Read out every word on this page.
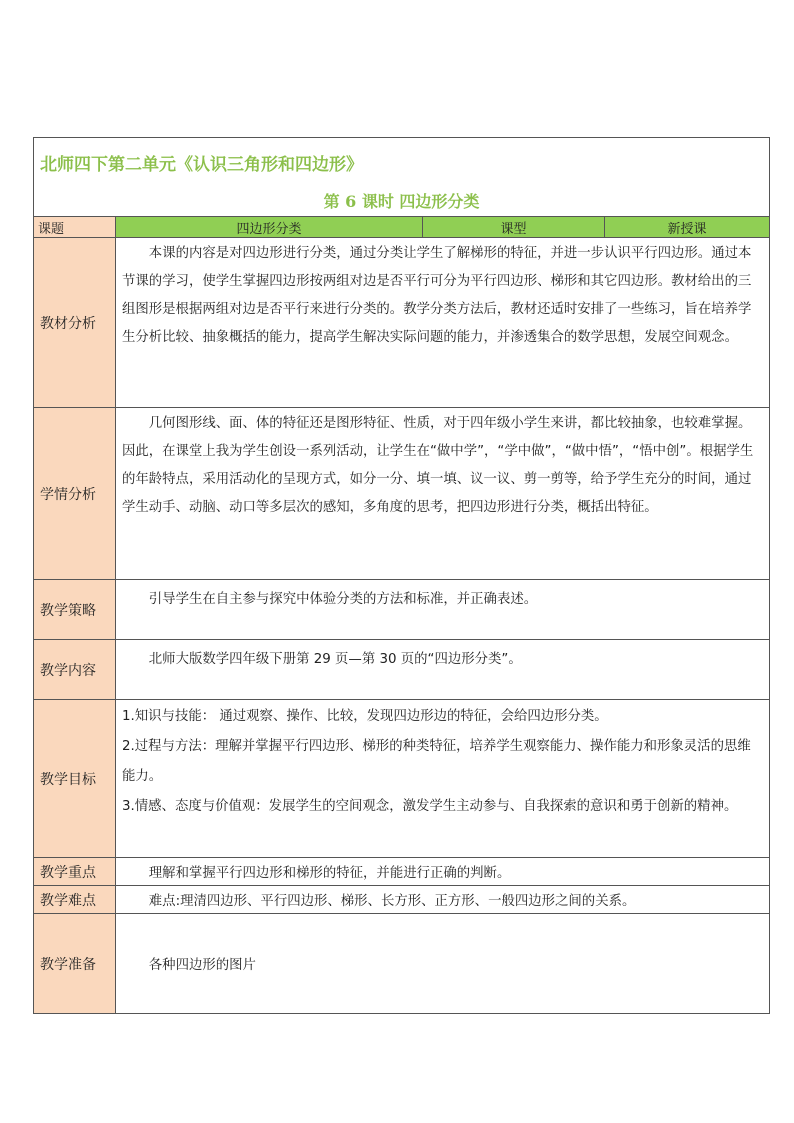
北师四下第二单元《认识三角形和四边形》
第 6 课时 四边形分类			

课题	四边形分类	课型	新授课
教材分析	本课的内容是对四边形进行分类，通过分类让学生了解梯形的特征，并进一步认识平行四边形。通过本节课的学习，使学生掌握四边形按两组对边是否平行可分为平行四边形、梯形和其它四边形。教材给出的三组图形是根据两组对边是否平行来进行分类的。教学分类方法后，教材还适时安排了一些练习，旨在培养学生分析比较、抽象概括的能力，提高学生解决实际问题的能力，并渗透集合的数学思想，发展空间观念。		

学情分析	几何图形线、面、体的特征还是图形特征、性质，对于四年级小学生来讲，都比较抽象，也较难掌握。因此，在课堂上我为学生创设一系列活动，让学生在“做中学”，“学中做”，“做中悟”，“悟中创”。根据学生的年龄特点，采用活动化的呈现方式，如分一分、填一填、议一议、剪一剪等，给予学生充分的时间，通过学生动手、动脑、动口等多层次的感知，多角度的思考，把四边形进行分类，概括出特征。		

教学策略	引导学生在自主参与探究中体验分类的方法和标准，并正确表述。		

教学内容	北师大版数学四年级下册第 29 页—第 30 页的“四边形分类”。		

教学目标	1.知识与技能： 通过观察、操作、比较，发现四边形边的特征，会给四边形分类。

2.过程与方法：理解并掌握平行四边形、梯形的种类特征，培养学生观察能力、操作能力和形象灵活的思维能力。

3.情感、态度与价值观：发展学生的空间观念，激发学生主动参与、自我探索的意识和勇于创新的精神。		

教学重点	理解和掌握平行四边形和梯形的特征，并能进行正确的判断。		

教学难点	难点:理清四边形、平行四边形、梯形、长方形、正方形、一般四边形之间的关系。		

教学准备	各种四边形的图片		
